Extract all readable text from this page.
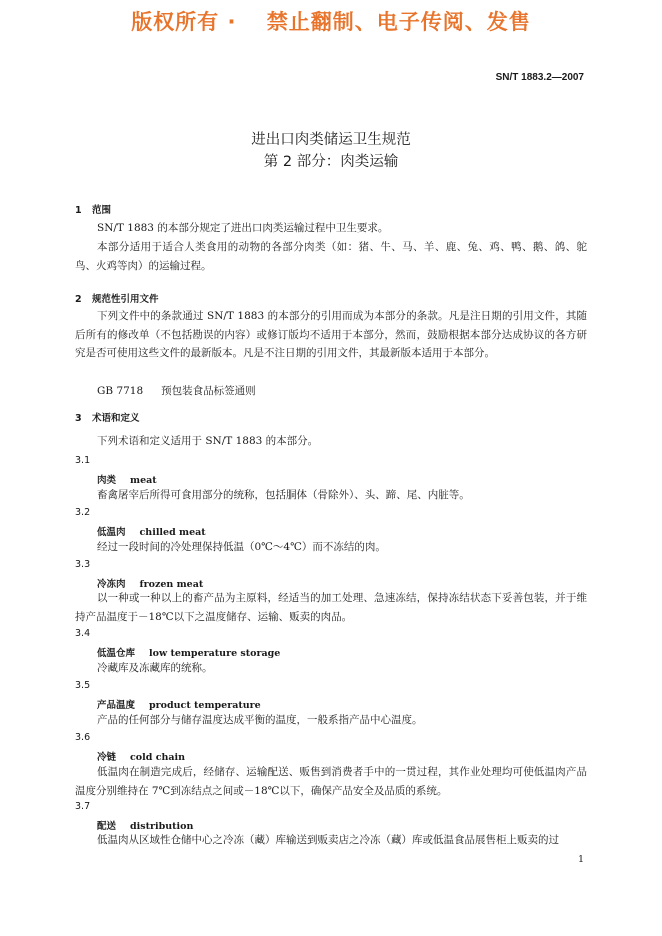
版权所有 ·　 禁止翻制、电子传阅、发售
SN/T 1883.2—2007
进出口肉类储运卫生规范
第 2 部分：肉类运输
1 范围
SN/T 1883 的本部分规定了进出口肉类运输过程中卫生要求。
本部分适用于适合人类食用的动物的各部分肉类（如：猪、牛、马、羊、鹿、兔、鸡、鸭、鹅、鸽、鸵鸟、火鸡等肉）的运输过程。
2 规范性引用文件
下列文件中的条款通过 SN/T 1883 的本部分的引用而成为本部分的条款。凡是注日期的引用文件，其随后所有的修改单（不包括勘误的内容）或修订版均不适用于本部分，然而，鼓励根据本部分达成协议的各方研究是否可使用这些文件的最新版本。凡是不注日期的引用文件，其最新版本适用于本部分。
GB 7718 预包装食品标签通则
3 术语和定义
下列术语和定义适用于 SN/T 1883 的本部分。
3.1
肉类 meat
畜禽屠宰后所得可食用部分的统称，包括胴体（骨除外）、头、蹄、尾、内脏等。
3.2
低温肉 chilled meat
经过一段时间的冷处理保持低温（0℃～4℃）而不冻结的肉。
3.3
冷冻肉 frozen meat
以一种或一种以上的畜产品为主原料，经适当的加工处理、急速冻结，保持冻结状态下妥善包装，并于维持产品温度于－18℃以下之温度储存、运输、贩卖的肉品。
3.4
低温仓库 low temperature storage
冷藏库及冻藏库的统称。
3.5
产品温度 product temperature
产品的任何部分与储存温度达成平衡的温度，一般系指产品中心温度。
3.6
冷链 cold chain
低温肉在制造完成后，经储存、运输配送、贩售到消费者手中的一贯过程，其作业处理均可使低温肉产品温度分别维持在 7℃到冻结点之间或－18℃以下，确保产品安全及品质的系统。
3.7
配送 distribution
低温肉从区域性仓储中心之冷冻（藏）库输送到贩卖店之冷冻（藏）库或低温食品展售柜上贩卖的过
1
